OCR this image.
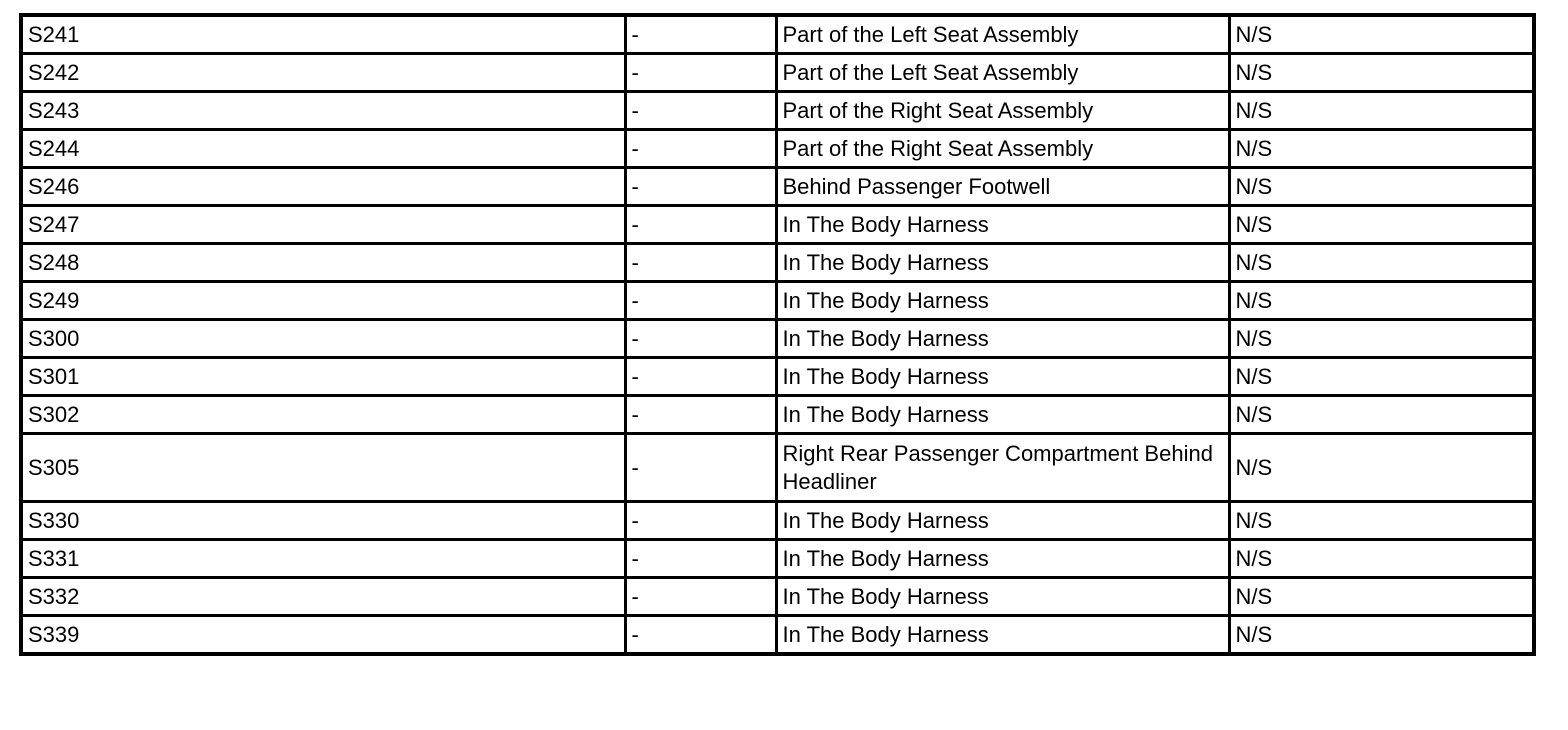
S241	-	Part of the Left Seat Assembly	N/S
S242	-	Part of the Left Seat Assembly	N/S
S243	-	Part of the Right Seat Assembly	N/S
S244	-	Part of the Right Seat Assembly	N/S
S246	-	Behind Passenger Footwell	N/S
S247	-	In The Body Harness	N/S
S248	-	In The Body Harness	N/S
S249	-	In The Body Harness	N/S
S300	-	In The Body Harness	N/S
S301	-	In The Body Harness	N/S
S302	-	In The Body Harness	N/S
S305	-	Right Rear Passenger Compartment Behind Headliner	N/S
S330	-	In The Body Harness	N/S
S331	-	In The Body Harness	N/S
S332	-	In The Body Harness	N/S
S339	-	In The Body Harness	N/S
